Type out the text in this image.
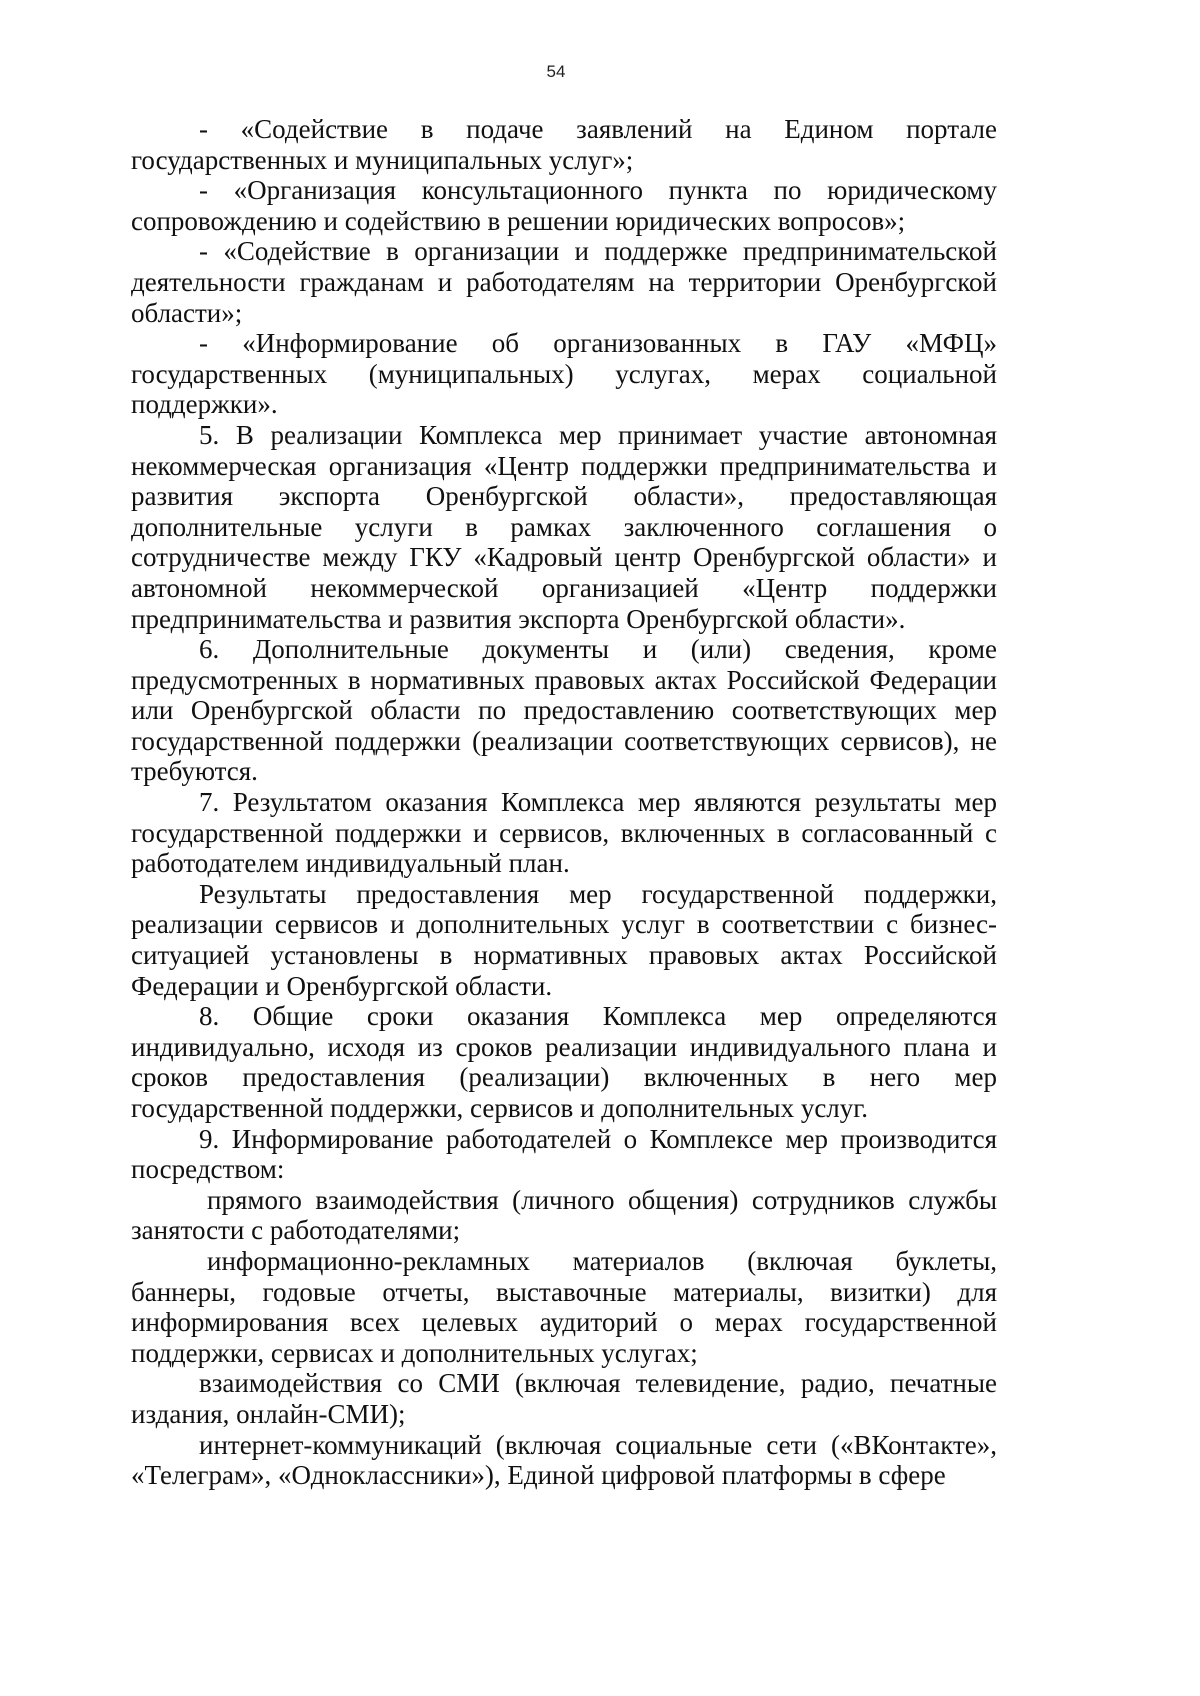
54

- «Содействие в подаче заявлений на Едином портале государственных и муниципальных услуг»;

- «Организация консультационного пункта по юридическому сопровождению и содействию в решении юридических вопросов»;

- «Содействие в организации и поддержке предпринимательской деятельности гражданам и работодателям на территории Оренбургской области»;

- «Информирование об организованных в ГАУ «МФЦ» государственных (муниципальных) услугах, мерах социальной поддержки».

5. В реализации Комплекса мер принимает участие автономная некоммерческая организация «Центр поддержки предпринимательства и развития экспорта Оренбургской области», предоставляющая дополнительные услуги в рамках заключенного соглашения о сотрудничестве между ГКУ «Кадровый центр Оренбургской области» и автономной некоммерческой организацией «Центр поддержки предпринимательства и развития экспорта Оренбургской области».

6. Дополнительные документы и (или) сведения, кроме предусмотренных в нормативных правовых актах Российской Федерации или Оренбургской области по предоставлению соответствующих мер государственной поддержки (реализации соответствующих сервисов), не требуются.

7. Результатом оказания Комплекса мер являются результаты мер государственной поддержки и сервисов, включенных в согласованный с работодателем индивидуальный план.

Результаты предоставления мер государственной поддержки, реализации сервисов и дополнительных услуг в соответствии с бизнес-ситуацией установлены в нормативных правовых актах Российской Федерации и Оренбургской области.

8. Общие сроки оказания Комплекса мер определяются индивидуально, исходя из сроков реализации индивидуального плана и сроков предоставления (реализации) включенных в него мер государственной поддержки, сервисов и дополнительных услуг.

9. Информирование работодателей о Комплексе мер производится посредством:

прямого взаимодействия (личного общения) сотрудников службы занятости с работодателями;

информационно-рекламных материалов (включая буклеты, баннеры, годовые отчеты, выставочные материалы, визитки) для информирования всех целевых аудиторий о мерах государственной поддержки, сервисах и дополнительных услугах;

взаимодействия со СМИ (включая телевидение, радио, печатные издания, онлайн-СМИ);

интернет-коммуникаций (включая социальные сети («ВКонтакте», «Телеграм», «Одноклассники»), Единой цифровой платформы в сфере
